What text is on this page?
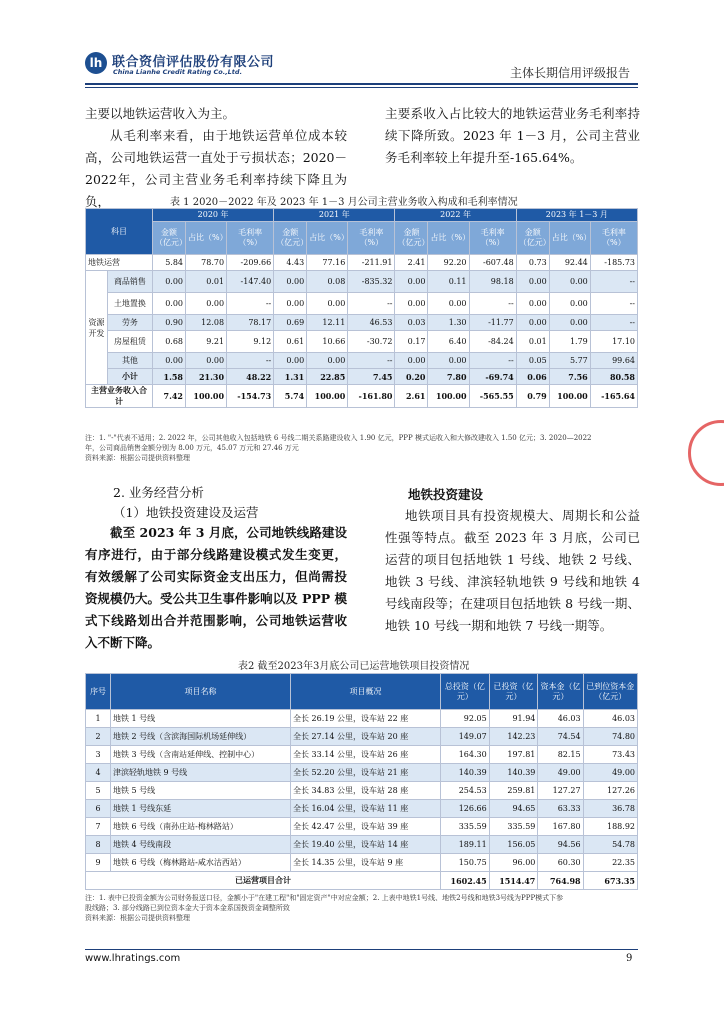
lh 联合资信评估股份有限公司
China Lianhe Credit Rating Co.,Ltd.	主体长期信用评级报告
主要以地铁运营收入为主。
从毛利率来看，由于地铁运营单位成本较高，公司地铁运营一直处于亏损状态；2020－2022年，公司主营业务毛利率持续下降且为负，
主要系收入占比较大的地铁运营业务毛利率持续下降所致。2023 年 1－3 月，公司主营业务毛利率较上年提升至-165.64%。
表 1 2020－2022 年及 2023 年 1－3 月公司主营业务收入构成和毛利率情况
科目		2020 年			2021 年			2022 年			2023 年 1－3 月		
		金额（亿元）	占比（%）	毛利率（%）	金额（亿元）	占比（%）	毛利率（%）	金额（亿元）	占比（%）	毛利率（%）	金额（亿元）	占比（%）	毛利率（%）
地铁运营		5.84	78.70	-209.66	4.43	77.16	-211.91	2.41	92.20	-607.48	0.73	92.44	-185.73
资源开发	商品销售	0.00	0.01	-147.40	0.00	0.08	-835.32	0.00	0.11	98.18	0.00	0.00	--
	土地置换	0.00	0.00	--	0.00	0.00	--	0.00	0.00	--	0.00	0.00	--
	劳务	0.90	12.08	78.17	0.69	12.11	46.53	0.03	1.30	-11.77	0.00	0.00	--
	房屋租赁	0.68	9.21	9.12	0.61	10.66	-30.72	0.17	6.40	-84.24	0.01	1.79	17.10
	其他	0.00	0.00	--	0.00	0.00	--	0.00	0.00	--	0.05	5.77	99.64
	小计	1.58	21.30	48.22	1.31	22.85	7.45	0.20	7.80	-69.74	0.06	7.56	80.58
主营业务收入合计		7.42	100.00	-154.73	5.74	100.00	-161.80	2.61	100.00	-565.55	0.79	100.00	-165.64
注：1. "-"代表不适用；2. 2022 年，公司其他收入包括地铁 6 号线二期关系路建设收入 1.90 亿元，PPP 模式运收入和大修改建收入 1.50 亿元；3. 2020—2022
年，公司商品销售金额分别为 8.00 万元，45.07 万元和 27.46 万元
资料来源：根据公司提供资料整理
2. 业务经营分析
（1）地铁投资建设及运营
截至 2023 年 3 月底，公司地铁线路建设有序进行，由于部分线路建设模式发生变更，有效缓解了公司实际资金支出压力，但尚需投资规模仍大。受公共卫生事件影响以及 PPP 模式下线路划出合并范围影响，公司地铁运营收入不断下降。
地铁投资建设
地铁项目具有投资规模大、周期长和公益性强等特点。截至 2023 年 3 月底，公司已运营的项目包括地铁 1 号线、地铁 2 号线、地铁 3 号线、津滨轻轨地铁 9 号线和地铁 4 号线南段等；在建项目包括地铁 8 号线一期、地铁 10 号线一期和地铁 7 号线一期等。
表2 截至2023年3月底公司已运营地铁项目投资情况
序号	项目名称	项目概况	总投资（亿元）	已投资（亿元）	资本金（亿元）	已到位资本金（亿元）
1	地铁 1 号线	全长 26.19 公里，设车站 22 座	92.05	91.94	46.03	46.03
2	地铁 2 号线（含滨海国际机场延伸线）	全长 27.14 公里，设车站 20 座	149.07	142.23	74.54	74.80
3	地铁 3 号线（含南站延伸线、控制中心）	全长 33.14 公里，设车站 26 座	164.30	197.81	82.15	73.43
4	津滨轻轨地铁 9 号线	全长 52.20 公里，设车站 21 座	140.39	140.39	49.00	49.00
5	地铁 5 号线	全长 34.83 公里，设车站 28 座	254.53	259.81	127.27	127.26
6	地铁 1 号线东延	全长 16.04 公里，设车站 11 座	126.66	94.65	63.33	36.78
7	地铁 6 号线（南孙庄站-梅林路站）	全长 42.47 公里，设车站 39 座	335.59	335.59	167.80	188.92
8	地铁 4 号线南段	全长 19.40 公里，设车站 14 座	189.11	156.05	94.56	54.78
9	地铁 6 号线（梅林路站-咸水沽西站）	全长 14.35 公里，设车站 9 座	150.75	96.00	60.30	22.35
已运营项目合计			1602.45	1514.47	764.98	673.35
注：1. 表中已投资金额为公司财务报送口径，金额小于"在建工程"和"固定资产"中对应金额；2. 上表中地铁1号线、地铁2号线和地铁3号线为PPP模式下参
股线路；3. 部分线路已到位资本金大于资本金系国拨资金调整所致
资料来源：根据公司提供资料整理
www.lhratings.com	9
